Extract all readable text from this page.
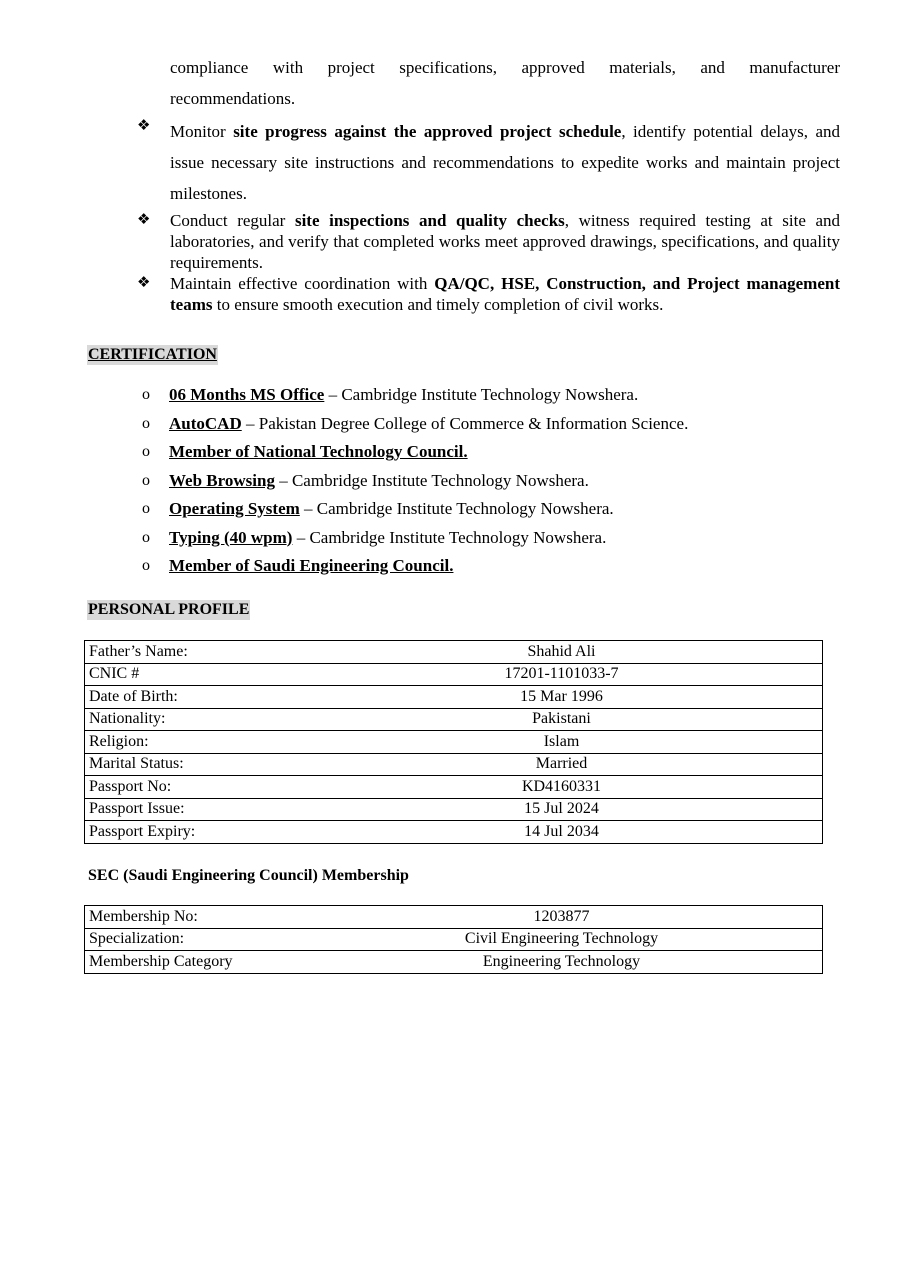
compliance with project specifications, approved materials, and manufacturer
recommendations.
❖	Monitor site progress against the approved project schedule, identify potential delays, and issue necessary site instructions and recommendations to expedite works and maintain project milestones.
❖	Conduct regular site inspections and quality checks, witness required testing at site and laboratories, and verify that completed works meet approved drawings, specifications, and quality requirements.
❖	Maintain effective coordination with QA/QC, HSE, Construction, and Project management teams to ensure smooth execution and timely completion of civil works.
CERTIFICATION
o	06 Months MS Office – Cambridge Institute Technology Nowshera.
o	AutoCAD – Pakistan Degree College of Commerce & Information Science.
o	Member of National Technology Council.
o	Web Browsing – Cambridge Institute Technology Nowshera.
o	Operating System – Cambridge Institute Technology Nowshera.
o	Typing (40 wpm) – Cambridge Institute Technology Nowshera.
o	Member of Saudi Engineering Council.
PERSONAL PROFILE
Father’s Name:	Shahid Ali
CNIC #	17201-1101033-7
Date of Birth:	15 Mar 1996
Nationality:	Pakistani
Religion:	Islam
Marital Status:	Married
Passport No:	KD4160331
Passport Issue:	15 Jul 2024
Passport Expiry:	14 Jul 2034
SEC (Saudi Engineering Council) Membership
Membership No:	1203877
Specialization:	Civil Engineering Technology
Membership Category	Engineering Technology
